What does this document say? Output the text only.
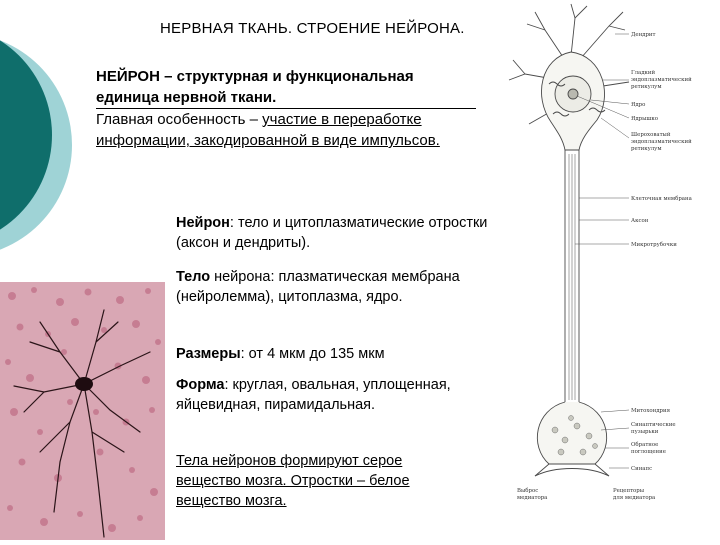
НЕРВНАЯ ТКАНЬ. СТРОЕНИЕ НЕЙРОНА.
НЕЙРОН – структурная и функциональная
единица нервной ткани.
Главная особенность – участие в переработке
информации, закодированной в виде импульсов.
Нейрон: тело и цитоплазматические отростки (аксон и дендриты).
Тело нейрона: плазматическая мембрана (нейролемма), цитоплазма, ядро.
Размеры: от 4 мкм до 135 мкм
Форма: круглая, овальная, уплощенная, яйцевидная, пирамидальная.
Тела нейронов формируют серое
вещество мозга. Отростки – белое
вещество мозга.
Дендрит
Гладкий
эндоплазматический
ретикулум
Ядро
Ядрышко
Шероховатый
эндоплазматический
ретикулум
Клеточная мембрана
Аксон
Микротрубочки
Митохондрия
Синаптические
пузырьки
Обратное
поглощение
Синапс
Выброс
медиатора
Рецепторы
для медиатора
